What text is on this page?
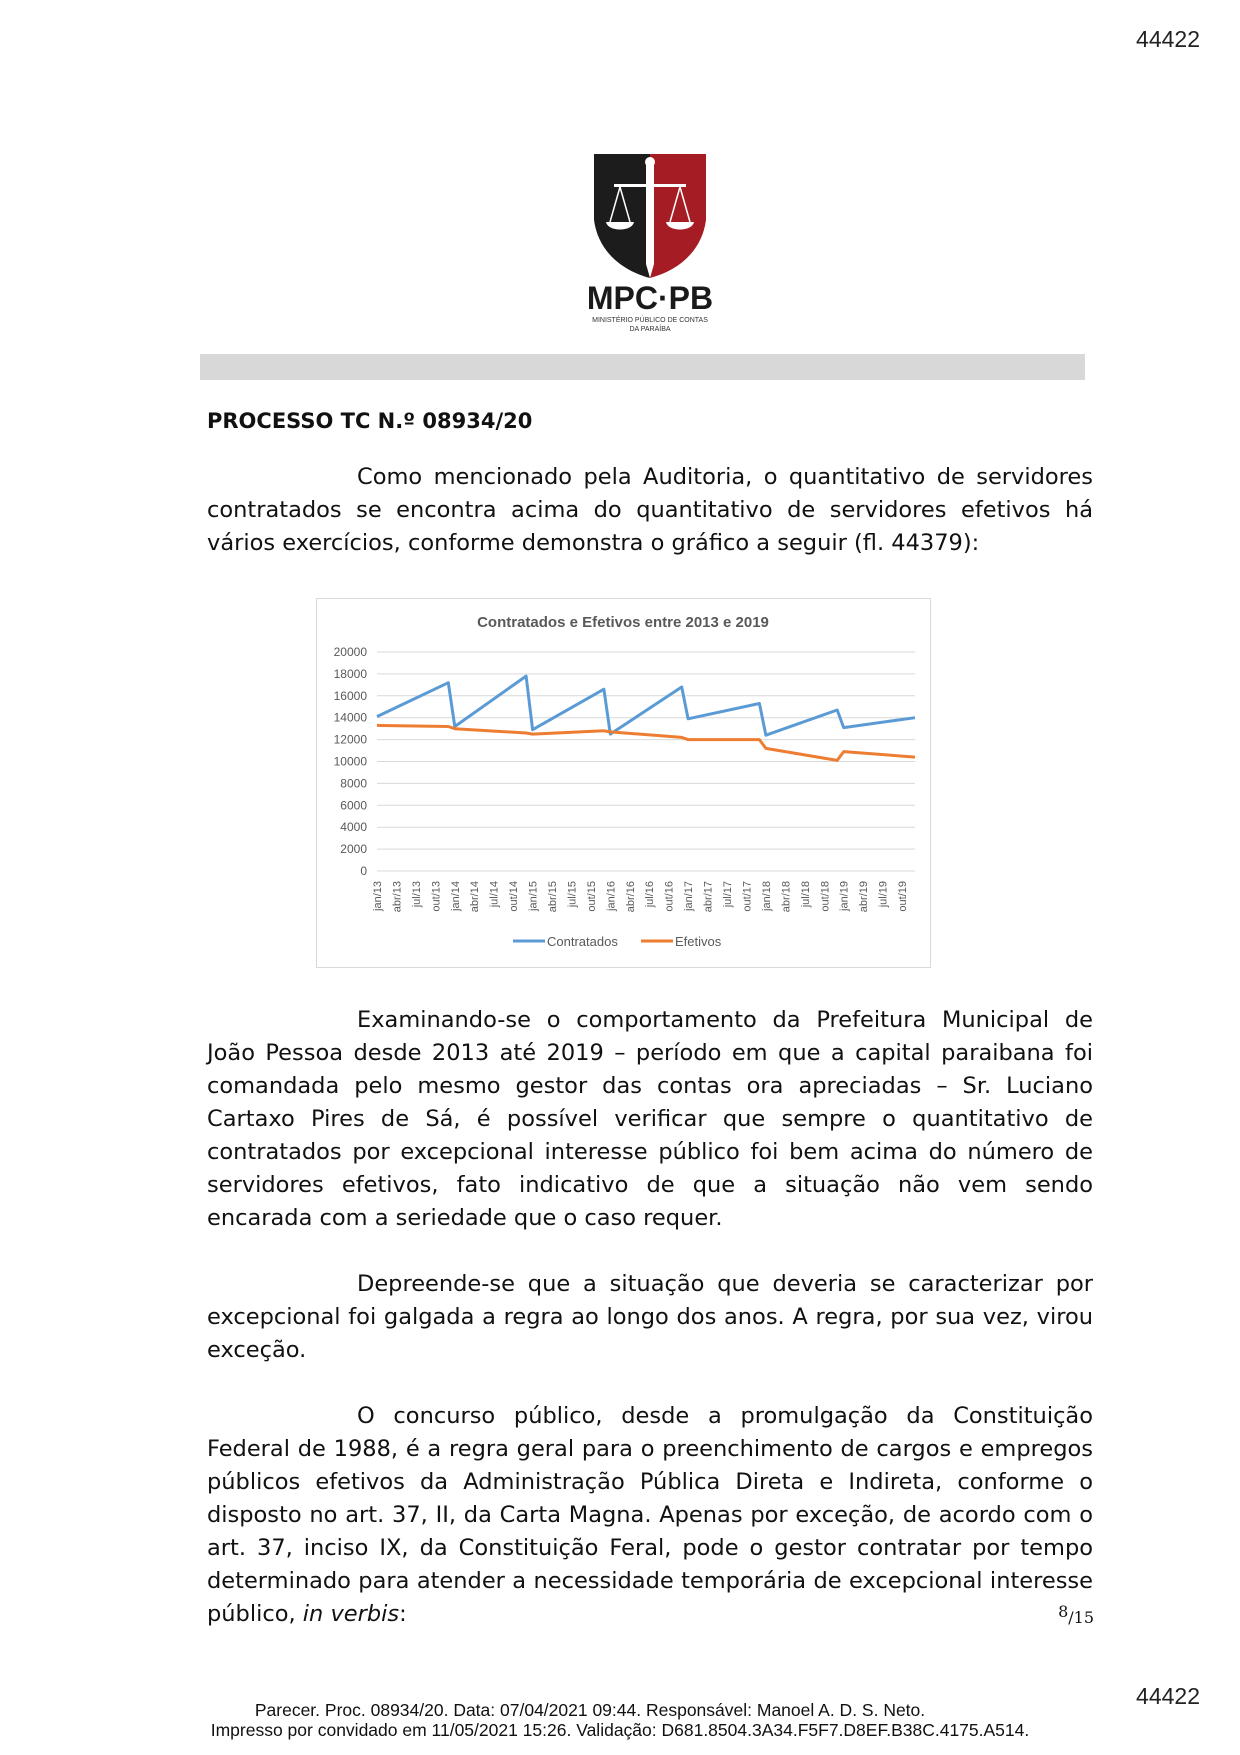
44422
MPC·PB
MINISTÉRIO PÚBLICO DE CONTAS
DA PARAÍBA
PROCESSO TC N.º 08934/20
Como mencionado pela Auditoria, o quantitativo de servidores contratados se encontra acima do quantitativo de servidores efetivos há vários exercícios, conforme demonstra o gráfico a seguir (fl. 44379):
Contratados e Efetivos entre 2013 e 2019
0
2000
4000
6000
8000
10000
12000
14000
16000
18000
20000
jan/13 abr/13 jul/13 out/13 jan/14 abr/14 jul/14 out/14 jan/15 abr/15 jul/15 out/15 jan/16 abr/16 jul/16 out/16 jan/17 abr/17 jul/17 out/17 jan/18 abr/18 jul/18 out/18 jan/19 abr/19 jul/19 out/19
Contratados	Efetivos
Examinando-se o comportamento da Prefeitura Municipal de João Pessoa desde 2013 até 2019 – período em que a capital paraibana foi comandada pelo mesmo gestor das contas ora apreciadas – Sr. Luciano Cartaxo Pires de Sá, é possível verificar que sempre o quantitativo de contratados por excepcional interesse público foi bem acima do número de servidores efetivos, fato indicativo de que a situação não vem sendo encarada com a seriedade que o caso requer.
Depreende-se que a situação que deveria se caracterizar por excepcional foi galgada a regra ao longo dos anos. A regra, por sua vez, virou exceção.
O concurso público, desde a promulgação da Constituição Federal de 1988, é a regra geral para o preenchimento de cargos e empregos públicos efetivos da Administração Pública Direta e Indireta, conforme o disposto no art. 37, II, da Carta Magna. Apenas por exceção, de acordo com o art. 37, inciso IX, da Constituição Feral, pode o gestor contratar por tempo determinado para atender a necessidade temporária de excepcional interesse público, in verbis:	8/15
44422
Parecer. Proc. 08934/20. Data: 07/04/2021 09:44. Responsável: Manoel A. D. S. Neto.
Impresso por convidado em 11/05/2021 15:26. Validação: D681.8504.3A34.F5F7.D8EF.B38C.4175.A514.
